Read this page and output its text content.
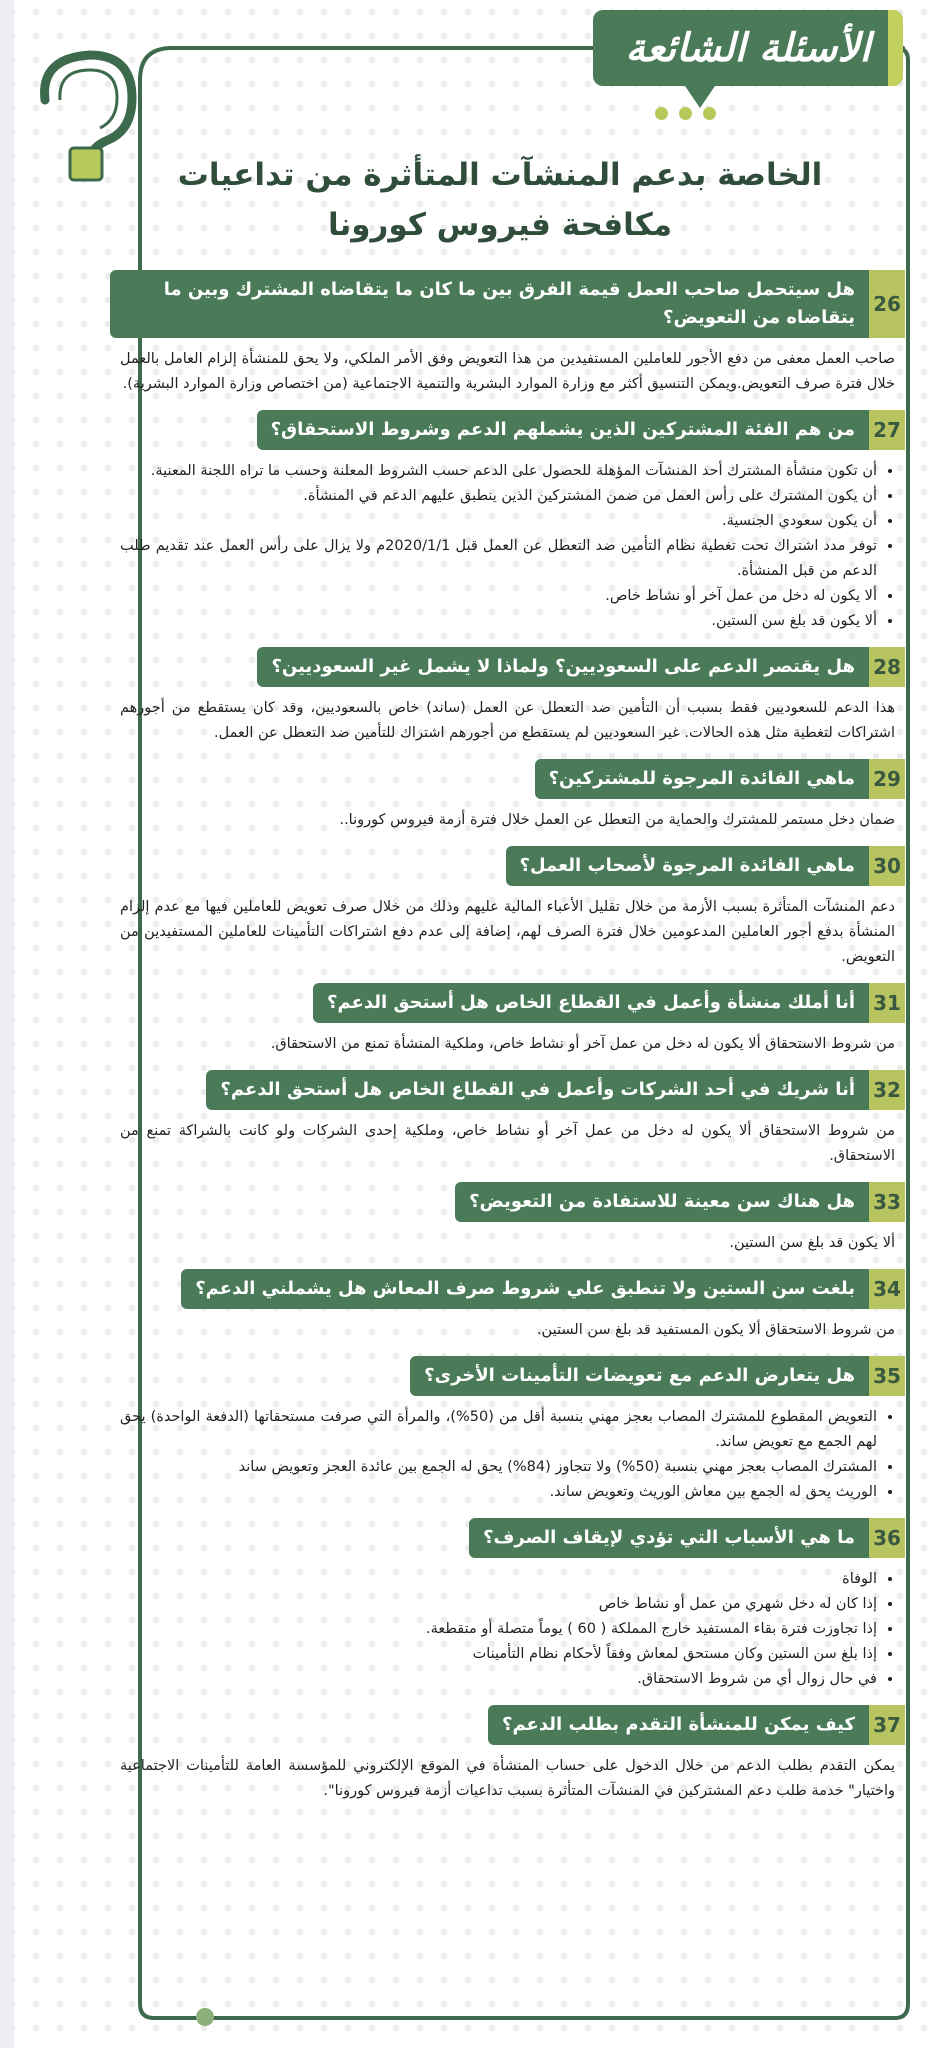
الأسئلة الشائعة
الخاصة بدعم المنشآت المتأثرة من تداعيات
مكافحة فيروس كورونا
26
هل سيتحمل صاحب العمل قيمة الفرق بين ما كان ما يتقاضاه المشترك وبين ما يتقاضاه من التعويض؟
صاحب العمل معفى من دفع الأجور للعاملين المستفيدين من هذا التعويض وفق الأمر الملكي، ولا يحق للمنشأة إلزام العامل بالعمل خلال فترة صرف التعويض.ويمكن التنسيق أكثر مع وزارة الموارد البشرية والتنمية الاجتماعية (من اختصاص وزارة الموارد البشرية).
27
من هم الفئة المشتركين الذين يشملهم الدعم وشروط الاستحقاق؟
• أن تكون منشأة المشترك أحد المنشآت المؤهلة للحصول على الدعم حسب الشروط المعلنة وحسب ما تراه اللجنة المعنية.
• أن يكون المشترك على رأس العمل من ضمن المشتركين الذين ينطبق عليهم الدعم في المنشأة.
• أن يكون سعودي الجنسية.
• توفر مدد اشتراك تحت تغطية نظام التأمين ضد التعطل عن العمل قبل 2020/1/1م ولا يزال على رأس العمل عند تقديم طلب الدعم من قبل المنشأة.
• ألا يكون له دخل من عمل آخر أو نشاط خاص.
• ألا يكون قد بلغ سن الستين.
28
هل يقتصر الدعم على السعوديين؟ ولماذا لا يشمل غير السعوديين؟
هذا الدعم للسعوديين فقط بسبب أن التأمين ضد التعطل عن العمل (ساند) خاص بالسعوديين، وقد كان يستقطع من أجورهم اشتراكات لتغطية مثل هذه الحالات. غير السعوديين لم يستقطع من أجورهم اشتراك للتأمين ضد التعطل عن العمل.
29
ماهي الفائدة المرجوة للمشتركين؟
ضمان دخل مستمر للمشترك والحماية من التعطل عن العمل خلال فترة أزمة فيروس كورونا..
30
ماهي الفائدة المرجوة لأصحاب العمل؟
دعم المنشآت المتأثرة بسبب الأزمة من خلال تقليل الأعباء المالية عليهم وذلك من خلال صرف تعويض للعاملين فيها مع عدم إلزام المنشأة بدفع أجور العاملين المدعومين خلال فترة الصرف لهم، إضافة إلى عدم دفع اشتراكات التأمينات للعاملين المستفيدين من التعويض.
31
أنا أملك منشأة وأعمل في القطاع الخاص هل أستحق الدعم؟
من شروط الاستحقاق ألا يكون له دخل من عمل آخر أو نشاط خاص، وملكية المنشأة تمنع من الاستحقاق.
32
أنا شريك في أحد الشركات وأعمل في القطاع الخاص هل أستحق الدعم؟
من شروط الاستحقاق ألا يكون له دخل من عمل آخر أو نشاط خاص، وملكية إحدى الشركات ولو كانت بالشراكة تمنع من الاستحقاق.
33
هل هناك سن معينة للاستفادة من التعويض؟
ألا يكون قد بلغ سن الستين.
34
بلغت سن الستين ولا تنطبق علي شروط صرف المعاش هل يشملني الدعم؟
من شروط الاستحقاق ألا يكون المستفيد قد بلغ سن الستين.
35
هل يتعارض الدعم مع تعويضات التأمينات الأخرى؟
• التعويض المقطوع للمشترك المصاب بعجز مهني بنسبة أقل من (50%)، والمرأة التي صرفت مستحقاتها (الدفعة الواحدة) يحق لهم الجمع مع تعويض ساند.
• المشترك المصاب بعجز مهني بنسبة (50%) ولا تتجاوز (84%) يحق له الجمع بين عائدة العجز وتعويض ساند
• الوريث يحق له الجمع بين معاش الوريث وتعويض ساند.
36
ما هي الأسباب التي تؤدي لإيقاف الصرف؟
• الوفاة
• إذا كان له دخل شهري من عمل أو نشاط خاص
• إذا تجاوزت فترة بقاء المستفيد خارج المملكة ( 60 ) يوماً متصلة أو متقطعة.
• إذا بلغ سن الستين وكان مستحق لمعاش وفقاً لأحكام نظام التأمينات
• في حال زوال أي من شروط الاستحقاق.
37
كيف يمكن للمنشأة التقدم بطلب الدعم؟
يمكن التقدم بطلب الدعم من خلال الدخول على حساب المنشأة في الموقع الإلكتروني للمؤسسة العامة للتأمينات الاجتماعية واختيار" خدمة طلب دعم المشتركين في المنشآت المتأثرة بسبب تداعيات أزمة فيروس كورونا".
